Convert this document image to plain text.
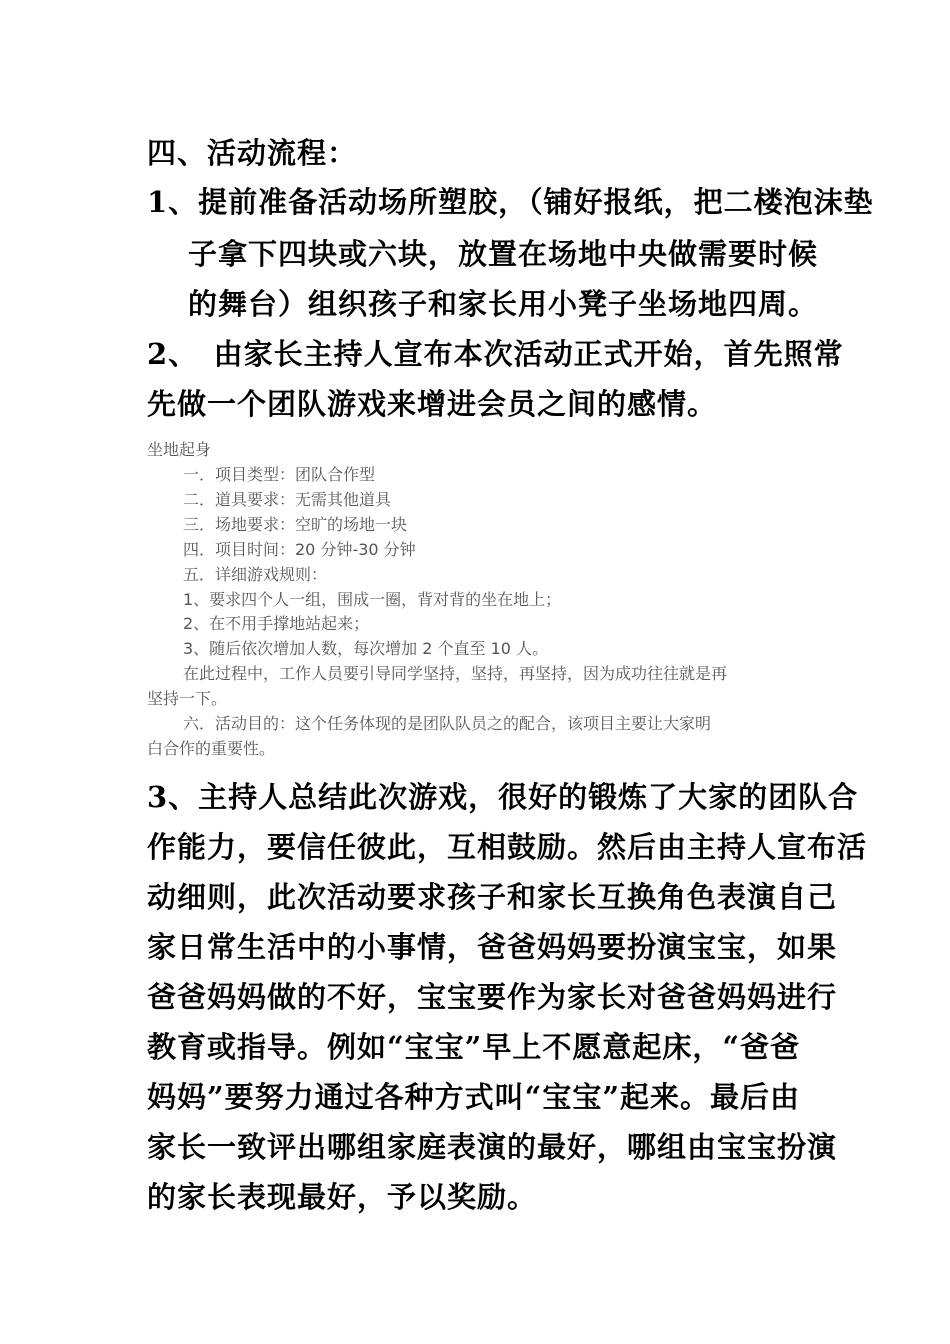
四、活动流程：

1、提前准备活动场所塑胶，（铺好报纸，把二楼泡沫垫

子拿下四块或六块，放置在场地中央做需要时候

的舞台）组织孩子和家长用小凳子坐场地四周。

2、　由家长主持人宣布本次活动正式开始，首先照常

先做一个团队游戏来增进会员之间的感情。

坐地起身

一．项目类型：团队合作型

二．道具要求：无需其他道具

三．场地要求：空旷的场地一块

四．项目时间：20 分钟-30 分钟

五．详细游戏规则：

1、要求四个人一组，围成一圈，背对背的坐在地上；

2、在不用手撑地站起来；

3、随后依次增加人数，每次增加 2 个直至 10 人。

在此过程中，工作人员要引导同学坚持，坚持，再坚持，因为成功往往就是再

坚持一下。

六．活动目的：这个任务体现的是团队队员之的配合，该项目主要让大家明

白合作的重要性。

3、主持人总结此次游戏，很好的锻炼了大家的团队合
作能力，要信任彼此，互相鼓励。然后由主持人宣布活
动细则，此次活动要求孩子和家长互换角色表演自己
家日常生活中的小事情，爸爸妈妈要扮演宝宝，如果
爸爸妈妈做的不好，宝宝要作为家长对爸爸妈妈进行
教育或指导。例如“宝宝”早上不愿意起床，“爸爸
妈妈”要努力通过各种方式叫“宝宝”起来。最后由
家长一致评出哪组家庭表演的最好，哪组由宝宝扮演
的家长表现最好，予以奖励。
